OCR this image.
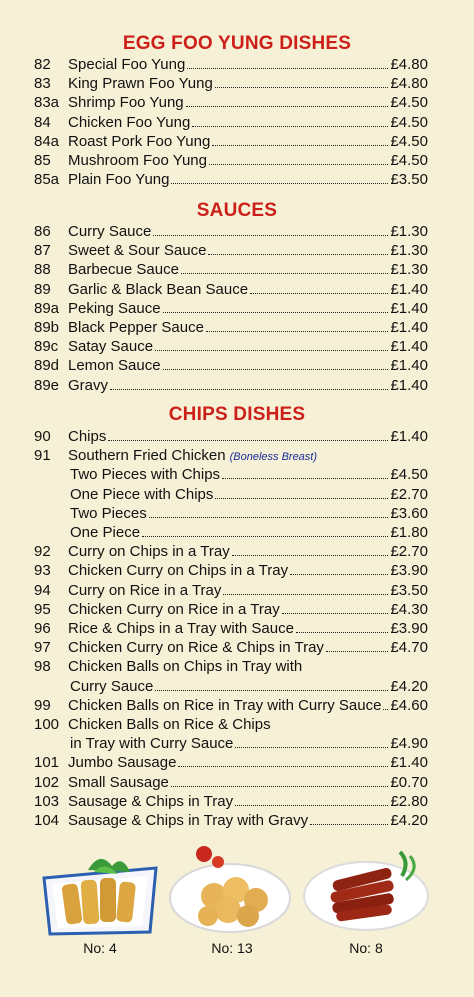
EGG FOO YUNG DISHES
82 Special Foo Yung	£4.80
83 King Prawn Foo Yung	£4.80
83a Shrimp Foo Yung	£4.50
84 Chicken Foo Yung	£4.50
84a Roast Pork Foo Yung	£4.50
85 Mushroom Foo Yung	£4.50
85a Plain Foo Yung	£3.50
SAUCES
86 Curry Sauce	£1.30
87 Sweet & Sour Sauce	£1.30
88 Barbecue Sauce	£1.30
89 Garlic & Black Bean Sauce	£1.40
89a Peking Sauce	£1.40
89b Black Pepper Sauce	£1.40
89c Satay Sauce	£1.40
89d Lemon Sauce	£1.40
89e Gravy	£1.40
CHIPS DISHES
90 Chips	£1.40
91 Southern Fried Chicken (Boneless Breast)
Two Pieces with Chips	£4.50
One Piece with Chips	£2.70
Two Pieces	£3.60
One Piece	£1.80
92 Curry on Chips in a Tray	£2.70
93 Chicken Curry on Chips in a Tray	£3.90
94 Curry on Rice in a Tray	£3.50
95 Chicken Curry on Rice in a Tray	£4.30
96 Rice & Chips in a Tray with Sauce	£3.90
97 Chicken Curry on Rice & Chips in Tray	£4.70
98 Chicken Balls on Chips in Tray with
Curry Sauce	£4.20
99 Chicken Balls on Rice in Tray with Curry Sauce £4.60
100 Chicken Balls on Rice & Chips
in Tray with Curry Sauce	£4.90
101 Jumbo Sausage	£1.40
102 Small Sausage	£0.70
103 Sausage & Chips in Tray	£2.80
104 Sausage & Chips in Tray with Gravy	£4.20
No: 4	No: 13	No: 8
